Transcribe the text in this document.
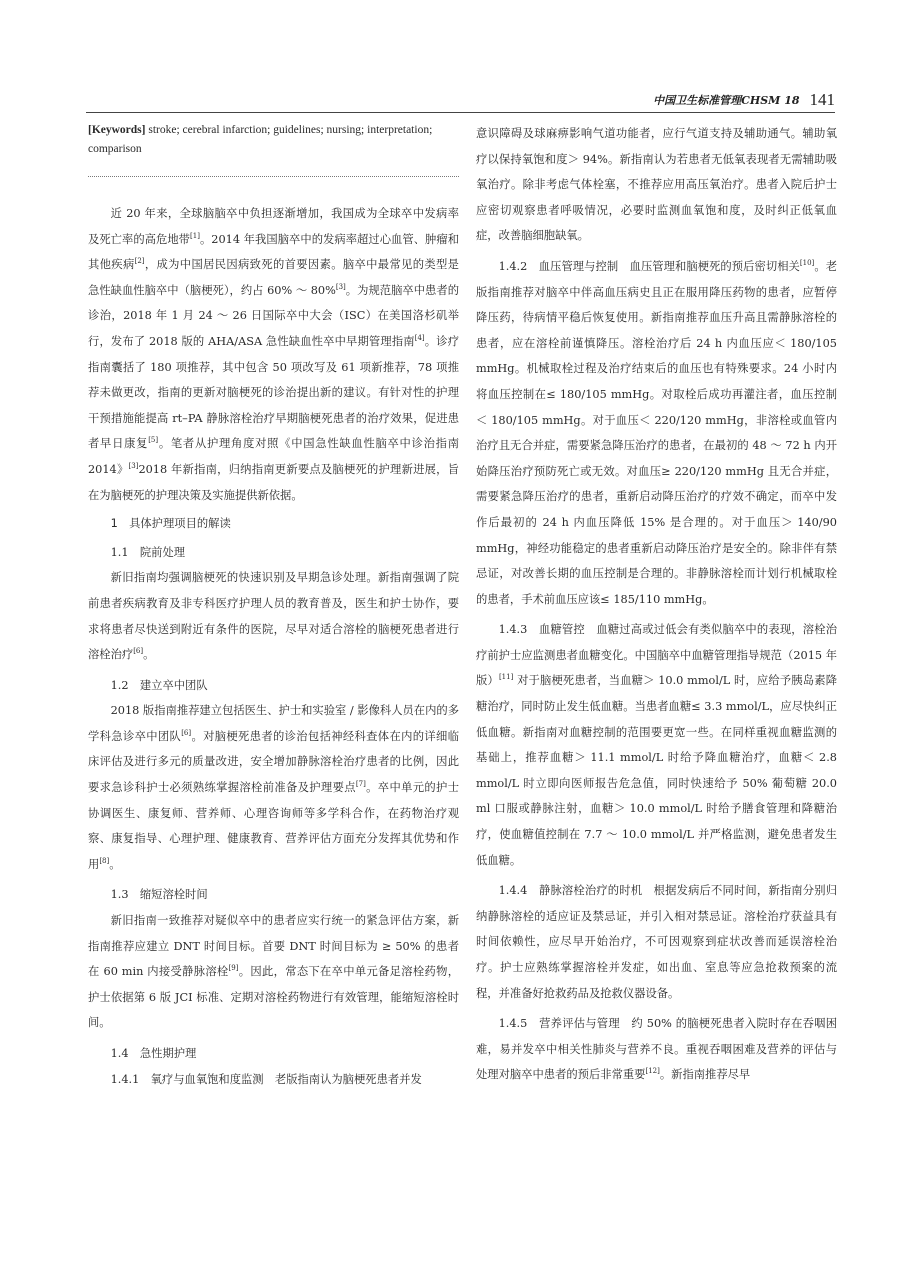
中国卫生标准管理CHSM 18 141

[Keywords] stroke; cerebral infarction; guidelines; nursing; interpretation; comparison

近 20 年来，全球脑脑卒中负担逐渐增加，我国成为全球卒中发病率及死亡率的高危地带[1]。2014 年我国脑卒中的发病率超过心血管、肿瘤和其他疾病[2]，成为中国居民因病致死的首要因素。脑卒中最常见的类型是急性缺血性脑卒中（脑梗死），约占 60% ～ 80%[3]。为规范脑卒中患者的诊治，2018 年 1 月 24 ～ 26 日国际卒中大会（ISC）在美国洛杉矶举行，发布了 2018 版的 AHA/ASA 急性缺血性卒中早期管理指南[4]。诊疗指南囊括了 180 项推荐，其中包含 50 项改写及 61 项新推荐，78 项推荐未做更改，指南的更新对脑梗死的诊治提出新的建议。有针对性的护理干预措施能提高 rt–PA 静脉溶栓治疗早期脑梗死患者的治疗效果，促进患者早日康复[5]。笔者从护理角度对照《中国急性缺血性脑卒中诊治指南 2014》[3]2018 年新指南，归纳指南更新要点及脑梗死的护理新进展，旨在为脑梗死的护理决策及实施提供新依据。

1　具体护理项目的解读

1.1　院前处理

新旧指南均强调脑梗死的快速识别及早期急诊处理。新指南强调了院前患者疾病教育及非专科医疗护理人员的教育普及，医生和护士协作，要求将患者尽快送到附近有条件的医院，尽早对适合溶栓的脑梗死患者进行溶栓治疗[6]。

1.2　建立卒中团队

2018 版指南推荐建立包括医生、护士和实验室 / 影像科人员在内的多学科急诊卒中团队[6]。对脑梗死患者的诊治包括神经科查体在内的详细临床评估及进行多元的质量改进，安全增加静脉溶栓治疗患者的比例，因此要求急诊科护士必须熟练掌握溶栓前准备及护理要点[7]。卒中单元的护士协调医生、康复师、营养师、心理咨询师等多学科合作，在药物治疗观察、康复指导、心理护理、健康教育、营养评估方面充分发挥其优势和作用[8]。

1.3　缩短溶栓时间

新旧指南一致推荐对疑似卒中的患者应实行统一的紧急评估方案，新指南推荐应建立 DNT 时间目标。首要 DNT 时间目标为 ≥ 50% 的患者在 60 min 内接受静脉溶栓[9]。因此，常态下在卒中单元备足溶栓药物，护士依据第 6 版 JCI 标准、定期对溶栓药物进行有效管理，能缩短溶栓时间。

1.4　急性期护理

1.4.1　氧疗与血氧饱和度监测　老版指南认为脑梗死患者并发

意识障碍及球麻痹影响气道功能者，应行气道支持及辅助通气。辅助氧疗以保持氧饱和度＞ 94%。新指南认为若患者无低氧表现者无需辅助吸氧治疗。除非考虑气体栓塞，不推荐应用高压氧治疗。患者入院后护士应密切观察患者呼吸情况，必要时监测血氧饱和度，及时纠正低氧血症，改善脑细胞缺氧。

1.4.2　血压管理与控制　血压管理和脑梗死的预后密切相关[10]。老版指南推荐对脑卒中伴高血压病史且正在服用降压药物的患者，应暂停降压药，待病情平稳后恢复使用。新指南推荐血压升高且需静脉溶栓的患者，应在溶栓前谨慎降压。溶栓治疗后 24 h 内血压应＜ 180/105 mmHg。机械取栓过程及治疗结束后的血压也有特殊要求。24 小时内将血压控制在≤ 180/105 mmHg。对取栓后成功再灌注者，血压控制＜ 180/105 mmHg。对于血压＜ 220/120 mmHg，非溶栓或血管内治疗且无合并症，需要紧急降压治疗的患者，在最初的 48 ～ 72 h 内开始降压治疗预防死亡或无效。对血压≥ 220/120 mmHg 且无合并症，需要紧急降压治疗的患者，重新启动降压治疗的疗效不确定，而卒中发作后最初的 24 h 内血压降低 15% 是合理的。对于血压＞ 140/90 mmHg，神经功能稳定的患者重新启动降压治疗是安全的。除非伴有禁忌证，对改善长期的血压控制是合理的。非静脉溶栓而计划行机械取栓的患者，手术前血压应该≤ 185/110 mmHg。

1.4.3　血糖管控　血糖过高或过低会有类似脑卒中的表现，溶栓治疗前护士应监测患者血糖变化。中国脑卒中血糖管理指导规范（2015 年版）[11] 对于脑梗死患者，当血糖＞ 10.0 mmol/L 时，应给予胰岛素降糖治疗，同时防止发生低血糖。当患者血糖≤ 3.3 mmol/L，应尽快纠正低血糖。新指南对血糖控制的范围要更宽一些。在同样重视血糖监测的基础上，推荐血糖＞ 11.1 mmol/L 时给予降血糖治疗，血糖＜ 2.8 mmol/L 时立即向医师报告危急值，同时快速给予 50% 葡萄糖 20.0 ml 口服或静脉注射，血糖＞ 10.0 mmol/L 时给予膳食管理和降糖治疗，使血糖值控制在 7.7 ～ 10.0 mmol/L 并严格监测，避免患者发生低血糖。

1.4.4　静脉溶栓治疗的时机　根据发病后不同时间，新指南分别归纳静脉溶栓的适应证及禁忌证，并引入相对禁忌证。溶栓治疗获益具有时间依赖性，应尽早开始治疗，不可因观察到症状改善而延误溶栓治疗。护士应熟练掌握溶栓并发症，如出血、室息等应急抢救预案的流程，并准备好抢救药品及抢救仪器设备。

1.4.5　营养评估与管理　约 50% 的脑梗死患者入院时存在吞咽困难，易并发卒中相关性肺炎与营养不良。重视吞咽困难及营养的评估与处理对脑卒中患者的预后非常重要[12]。新指南推荐尽早
